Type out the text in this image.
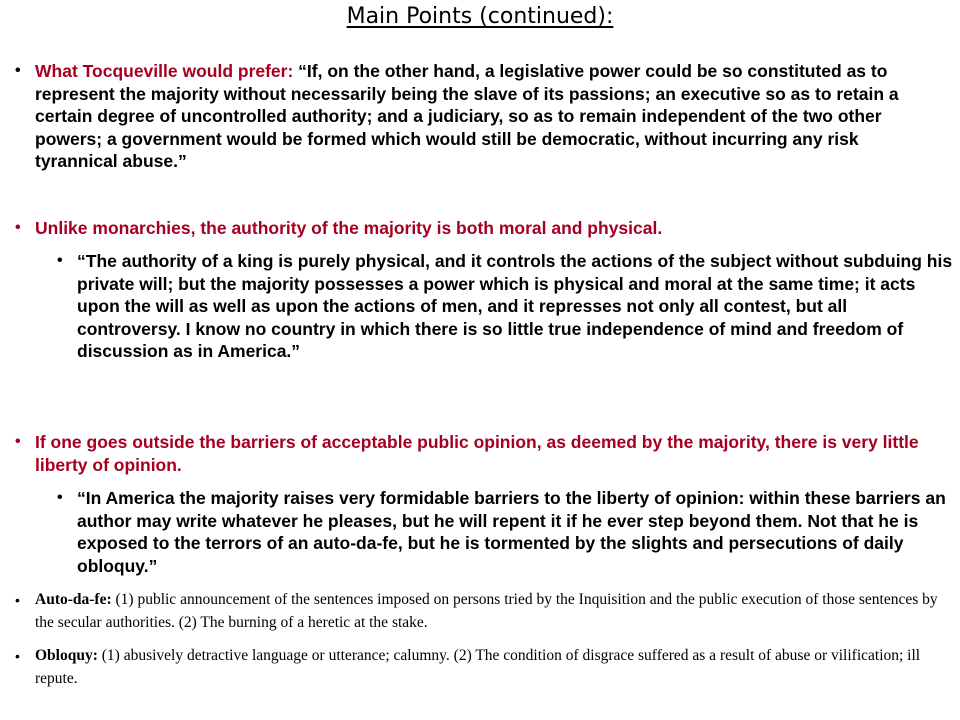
Main Points (continued):
• What Tocqueville would prefer: “If, on the other hand, a legislative power could be so constituted as to represent the majority without necessarily being the slave of its passions; an executive so as to retain a certain degree of uncontrolled authority; and a judiciary, so as to remain independent of the two other powers; a government would be formed which would still be democratic, without incurring any risk tyrannical abuse.”
• Unlike monarchies, the authority of the majority is both moral and physical.
• “The authority of a king is purely physical, and it controls the actions of the subject without subduing his private will; but the majority possesses a power which is physical and moral at the same time; it acts upon the will as well as upon the actions of men, and it represses not only all contest, but all controversy. I know no country in which there is so little true independence of mind and freedom of discussion as in America.”
• If one goes outside the barriers of acceptable public opinion, as deemed by the majority, there is very little liberty of opinion.
• “In America the majority raises very formidable barriers to the liberty of opinion: within these barriers an author may write whatever he pleases, but he will repent it if he ever step beyond them. Not that he is exposed to the terrors of an auto-da-fe, but he is tormented by the slights and persecutions of daily obloquy.”
• Auto-da-fe: (1) public announcement of the sentences imposed on persons tried by the Inquisition and the public execution of those sentences by the secular authorities. (2) The burning of a heretic at the stake.
• Obloquy: (1) abusively detractive language or utterance; calumny. (2) The condition of disgrace suffered as a result of abuse or vilification; ill repute.
